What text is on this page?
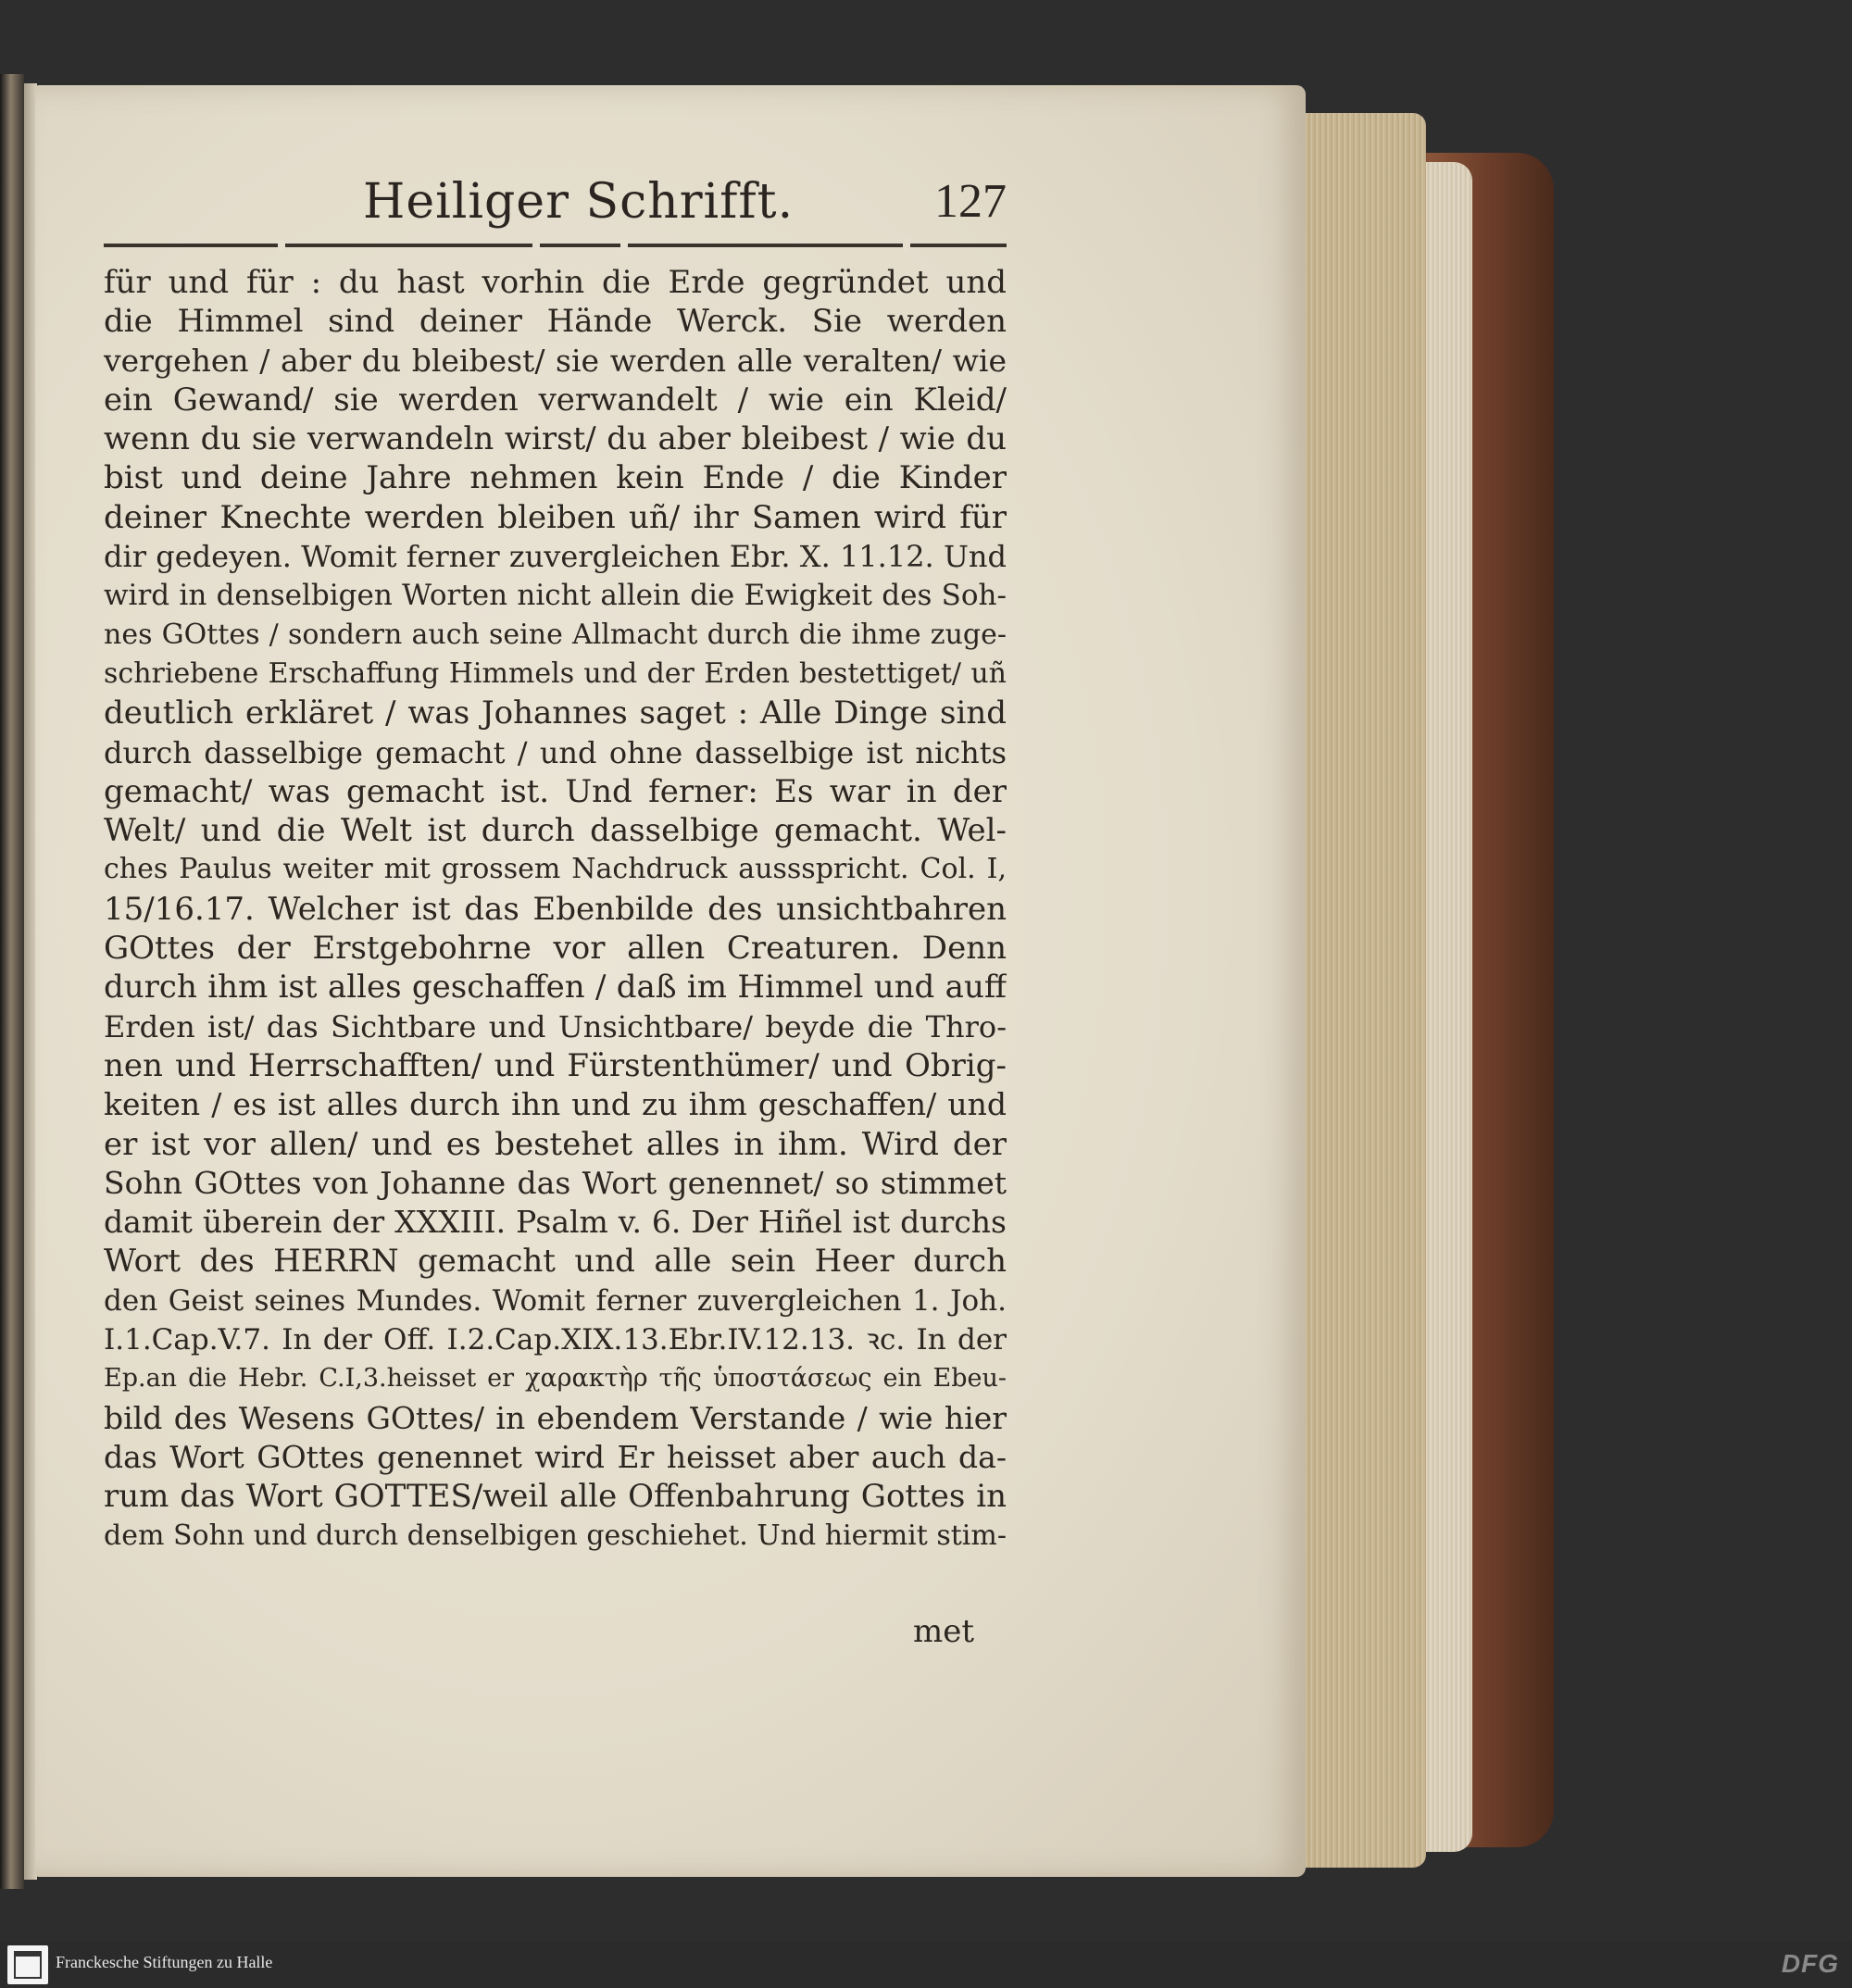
Heiliger Schrifft.	127
für und für : du hast vorhin die Erde gegründet und
die Himmel sind deiner Hände Werck. Sie werden
vergehen / aber du bleibest/ sie werden alle veralten/ wie
ein Gewand/ sie werden verwandelt / wie ein Kleid/
wenn du sie verwandeln wirst/ du aber bleibest / wie du
bist und deine Jahre nehmen kein Ende / die Kinder
deiner Knechte werden bleiben uñ/ ihr Samen wird für
dir gedeyen. Womit ferner zuvergleichen Ebr. X. 11.12. Und
wird in denselbigen Worten nicht allein die Ewigkeit des Soh-
nes GOttes / sondern auch seine Allmacht durch die ihme zuge-
schriebene Erschaffung Himmels und der Erden bestettiget/ uñ
deutlich erkläret / was Johannes saget : Alle Dinge sind
durch dasselbige gemacht / und ohne dasselbige ist nichts
gemacht/ was gemacht ist. Und ferner: Es war in der
Welt/ und die Welt ist durch dasselbige gemacht. Wel-
ches Paulus weiter mit grossem Nachdruck aussspricht. Col. I,
15/16.17. Welcher ist das Ebenbilde des unsichtbahren
GOttes der Erstgebohrne vor allen Creaturen. Denn
durch ihm ist alles geschaffen / daß im Himmel und auff
Erden ist/ das Sichtbare und Unsichtbare/ beyde die Thro-
nen und Herrschafften/ und Fürstenthümer/ und Obrig-
keiten / es ist alles durch ihn und zu ihm geschaffen/ und
er ist vor allen/ und es bestehet alles in ihm. Wird der
Sohn GOttes von Johanne das Wort genennet/ so stimmet
damit überein der XXXIII. Psalm v. 6. Der Hiñel ist durchs
Wort des HERRN gemacht und alle sein Heer durch
den Geist seines Mundes. Womit ferner zuvergleichen 1. Joh.
I.1.Cap.V.7. In der Off. I.2.Cap.XIX.13.Ebr.IV.12.13. ꝛc. In der
Ep.an die Hebr. C.I,3.heisset er χαρακτὴρ τῆς ὑποστάσεως ein Ebeu-
bild des Wesens GOttes/ in ebendem Verstande / wie hier
das Wort GOttes genennet wird Er heisset aber auch da-
rum das Wort GOTTES/weil alle Offenbahrung Gottes in
dem Sohn und durch denselbigen geschiehet. Und hiermit stim-
met
Franckesche Stiftungen zu Halle	DFG
